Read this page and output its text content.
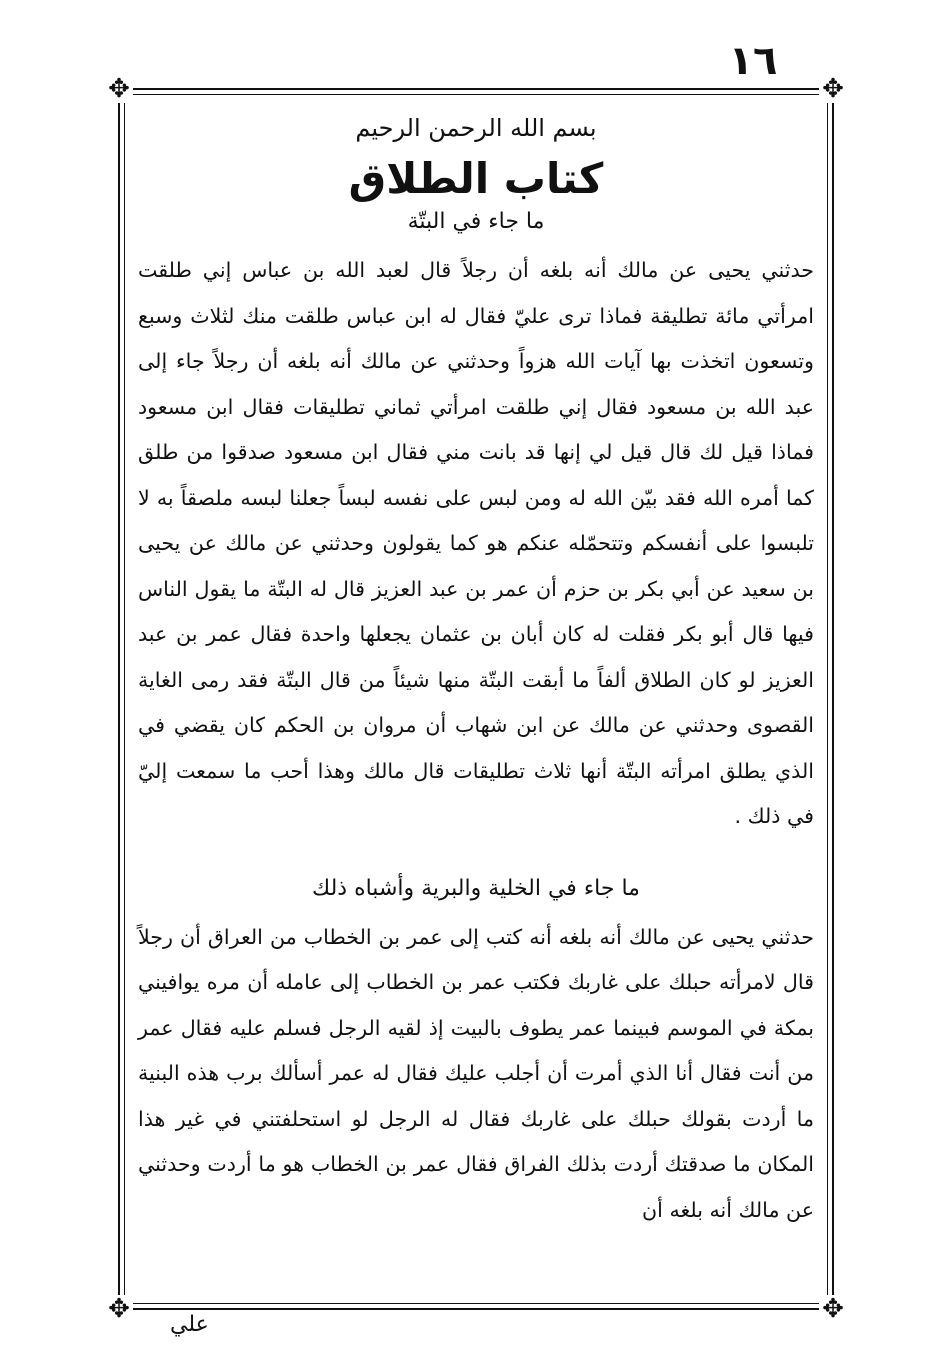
١٦
✥	✥
✥	✥
بسم الله الرحمن الرحيم
كتاب الطلاق
ما جاء في البتّة

حدثني يحيى عن مالك أنه بلغه أن رجلاً قال لعبد الله بن عباس إني طلقت امرأتي مائة تطليقة فماذا ترى عليّ فقال له ابن عباس طلقت منك لثلاث وسبع وتسعون اتخذت بها آيات الله هزواً وحدثني عن مالك أنه بلغه أن رجلاً جاء إلى عبد الله بن مسعود فقال إني طلقت امرأتي ثماني تطليقات فقال ابن مسعود فماذا قيل لك قال قيل لي إنها قد بانت مني فقال ابن مسعود صدقوا من طلق كما أمره الله فقد بيّن الله له ومن لبس على نفسه لبساً جعلنا لبسه ملصقاً به لا تلبسوا على أنفسكم وتتحمّله عنكم هو كما يقولون وحدثني عن مالك عن يحيى بن سعيد عن أبي بكر بن حزم أن عمر بن عبد العزيز قال له البتّة ما يقول الناس فيها قال أبو بكر فقلت له كان أبان بن عثمان يجعلها واحدة فقال عمر بن عبد العزيز لو كان الطلاق ألفاً ما أبقت البتّة منها شيئاً من قال البتّة فقد رمى الغاية القصوى وحدثني عن مالك عن ابن شهاب أن مروان بن الحكم كان يقضي في الذي يطلق امرأته البتّة أنها ثلاث تطليقات قال مالك وهذا أحب ما سمعت إليّ في ذلك .

ما جاء في الخلية والبرية وأشباه ذلك

حدثني يحيى عن مالك أنه بلغه أنه كتب إلى عمر بن الخطاب من العراق أن رجلاً قال لامرأته حبلك على غاربك فكتب عمر بن الخطاب إلى عامله أن مره يوافيني بمكة في الموسم فبينما عمر يطوف بالبيت إذ لقيه الرجل فسلم عليه فقال عمر من أنت فقال أنا الذي أمرت أن أجلب عليك فقال له عمر أسألك برب هذه البنية ما أردت بقولك حبلك على غاربك فقال له الرجل لو استحلفتني في غير هذا المكان ما صدقتك أردت بذلك الفراق فقال عمر بن الخطاب هو ما أردت وحدثني عن مالك أنه بلغه أن

علي
